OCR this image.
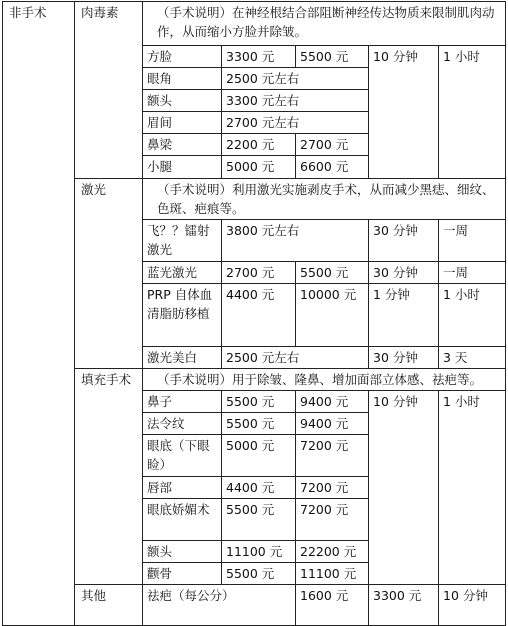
非手术	肉毒素	（手术说明）在神经根结合部阻断神经传达物质来限制肌肉动作，从而缩小方脸并除皱。					
		方脸	3300 元	5500 元	10 分钟	1 小时	
		眼角	2500 元左右				
		额头	3300 元左右				
		眉间	2700 元左右				
		鼻梁	2200 元	2700 元			
		小腿	5000 元	6600 元			
	激光	（手术说明）利用激光实施剥皮手术，从而减少黑痣、细纹、色斑、疤痕等。					
		飞？？镭射激光	3800 元左右		30 分钟	一周	
		蓝光激光	2700 元	5500 元	30 分钟	一周	
		PRP 自体血清脂肪移植	4400 元	10000 元	1 分钟	1 小时	
		激光美白	2500 元左右		30 分钟	3 天	
	填充手术	（手术说明）用于除皱、隆鼻、增加面部立体感、祛疤等。					
		鼻子	5500 元	9400 元	10 分钟	1 小时	
		法令纹	5500 元	9400 元			
		眼底（下眼睑）	5000 元	7200 元			
		唇部	4400 元	7200 元			
		眼底娇媚术	5500 元	7200 元			
		额头	11100 元	22200 元			
		颧骨	5500 元	11100 元			
	其他	祛疤（每公分）		1600 元	3300 元	10 分钟	
